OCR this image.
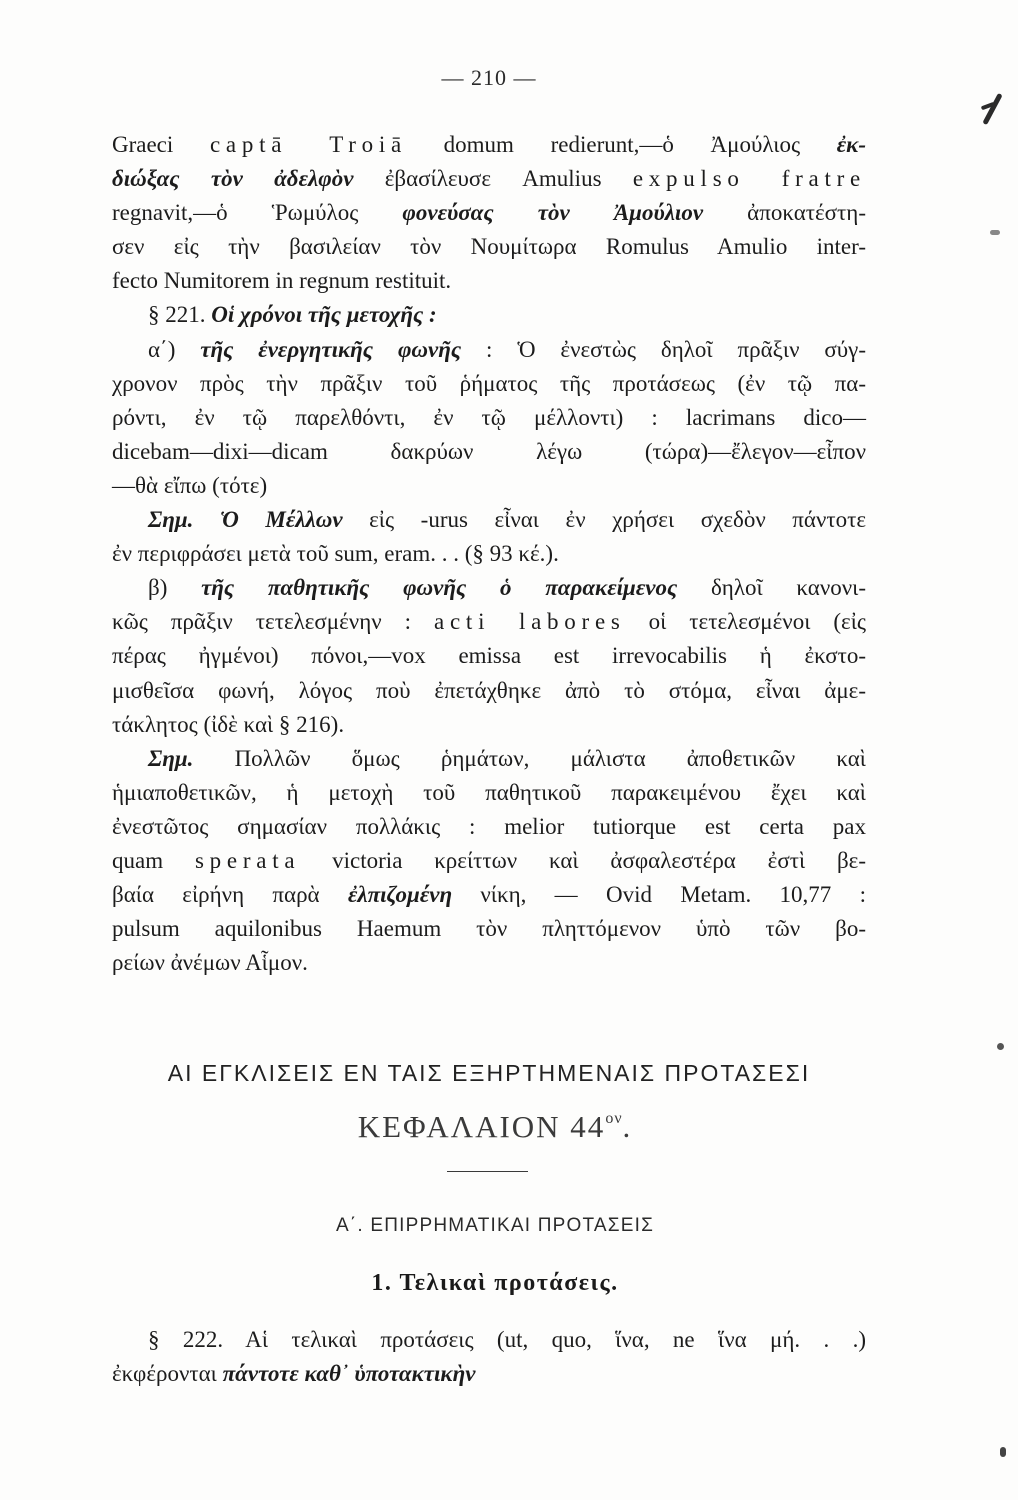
— 210 —
Graeci captā Troiā domum redierunt,—ὁ Ἀμούλιος ἐκ-
διώξας τὸν ἀδελφὸν ἐβασίλευσε Amulius expulso fratre
regnavit,—ὁ Ῥωμύλος φονεύσας τὸν Ἀμούλιον ἀποκατέστη-
σεν εἰς τὴν βασιλείαν τὸν Νουμίτωρα Romulus Amulio inter-
fecto Numitorem in regnum restituit.
§ 221. Οἱ χρόνοι τῆς μετοχῆς :
α΄) τῆς ἐνεργητικῆς φωνῆς : Ὁ ἐνεστὼς δηλοῖ πρᾶξιν σύγ-
χρονον πρὸς τὴν πρᾶξιν τοῦ ῥήματος τῆς προτάσεως (ἐν τῷ πα-
ρόντι, ἐν τῷ παρελθόντι, ἐν τῷ μέλλοντι) : lacrimans dico—
dicebam—dixi—dicam δακρύων λέγω (τώρα)—ἔλεγον—εἶπον
—θὰ εἴπω (τότε)
Σημ. Ὁ Μέλλων εἰς -urus εἶναι ἐν χρήσει σχεδὸν πάντοτε
ἐν περιφράσει μετὰ τοῦ sum, eram. . . (§ 93 κέ.).
β) τῆς παθητικῆς φωνῆς ὁ παρακείμενος δηλοῖ κανονι-
κῶς πρᾶξιν τετελεσμένην : acti labores οἱ τετελεσμένοι (εἰς
πέρας ἠγμένοι) πόνοι,—vox emissa est irrevocabilis ἡ ἐκστο-
μισθεῖσα φωνή, λόγος ποὺ ἐπετάχθηκε ἀπὸ τὸ στόμα, εἶναι ἀμε-
τάκλητος (ἰδὲ καὶ § 216).
Σημ. Πολλῶν ὅμως ῥημάτων, μάλιστα ἀποθετικῶν καὶ
ἡμιαποθετικῶν, ἡ μετοχὴ τοῦ παθητικοῦ παρακειμένου ἔχει καὶ
ἐνεστῶτος σημασίαν πολλάκις : melior tutiorque est certa pax
quam sperata victoria κρείττων καὶ ἀσφαλεστέρα ἐστὶ βε-
βαία εἰρήνη παρὰ ἐλπιζομένη νίκη, — Ovid Metam. 10,77 :
pulsum aquilonibus Haemum τὸν πληττόμενον ὑπὸ τῶν βο-
ρείων ἀνέμων Αἷμον.
ΑΙ ΕΓΚΛΙΣΕΙΣ ΕΝ ΤΑΙΣ ΕΞΗΡΤΗΜΕΝΑΙΣ ΠΡΟΤΑΣΕΣΙ
ΚΕΦΑΛΑΙΟΝ $44^{o\nu}$.
Α΄. ΕΠΙΡΡΗΜΑΤΙΚΑΙ ΠΡΟΤΑΣΕΙΣ
1. Τελικαὶ προτάσεις.
§ 222. Αἱ τελικαὶ προτάσεις (ut, quo, ἵνα, ne ἵνα μή. . .)
ἐκφέρονται πάντοτε καθ᾽ ὑποτακτικὴν
